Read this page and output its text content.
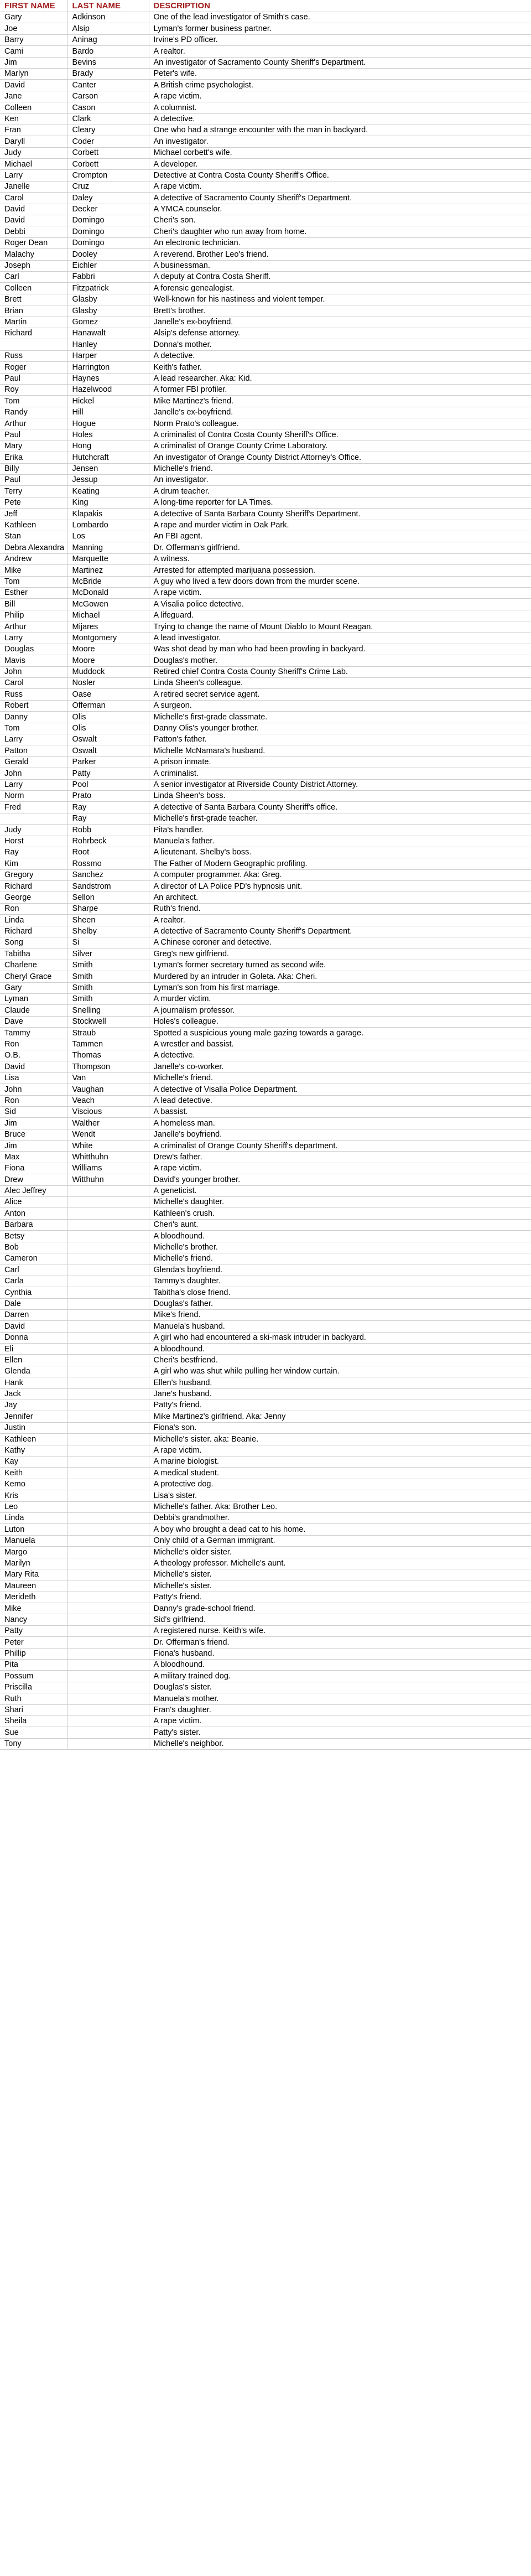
FIRST NAME	LAST NAME	DESCRIPTION
Gary	Adkinson	One of the lead investigator of Smith's case.
Joe	Alsip	Lyman's former business partner.
Barry	Aninag	Irvine's PD officer.
Cami	Bardo	A realtor.
Jim	Bevins	An investigator of Sacramento County Sheriff's Department.
Marlyn	Brady	Peter's wife.
David	Canter	A British crime psychologist.
Jane	Carson	A rape victim.
Colleen	Cason	A columnist.
Ken	Clark	A detective.
Fran	Cleary	One who had a strange encounter with the man in backyard.
Daryll	Coder	An investigator.
Judy	Corbett	Michael corbett's wife.
Michael	Corbett	A developer.
Larry	Crompton	Detective at Contra Costa County Sheriff's Office.
Janelle	Cruz	A rape victim.
Carol	Daley	A detective of Sacramento County Sheriff's Department.
David	Decker	A YMCA counselor.
David	Domingo	Cheri's son.
Debbi	Domingo	Cheri's daughter who run away from home.
Roger Dean	Domingo	An electronic technician.
Malachy	Dooley	A reverend. Brother Leo's friend.
Joseph	Eichler	A businessman.
Carl	Fabbri	A deputy at Contra Costa Sheriff.
Colleen	Fitzpatrick	A forensic genealogist.
Brett	Glasby	Well-known for his nastiness and violent temper.
Brian	Glasby	Brett's brother.
Martin	Gomez	Janelle's ex-boyfriend.
Richard	Hanawalt	Alsip's defense attorney.
	Hanley	Donna's mother.
Russ	Harper	A detective.
Roger	Harrington	Keith's father.
Paul	Haynes	A lead researcher. Aka: Kid.
Roy	Hazelwood	A former FBI profiler.
Tom	Hickel	Mike Martinez's friend.
Randy	Hill	Janelle's ex-boyfriend.
Arthur	Hogue	Norm Prato's colleague.
Paul	Holes	A criminalist of Contra Costa County Sheriff's Office.
Mary	Hong	A criminalist of Orange County Crime Laboratory.
Erika	Hutchcraft	An investigator of Orange County District Attorney's Office.
Billy	Jensen	Michelle's friend.
Paul	Jessup	An investigator.
Terry	Keating	A drum teacher.
Pete	King	A long-time reporter for LA Times.
Jeff	Klapakis	A detective of Santa Barbara County Sheriff's Department.
Kathleen	Lombardo	A rape and murder victim in Oak Park.
Stan	Los	An FBI agent.
Debra Alexandra	Manning	Dr. Offerman's girlfriend.
Andrew	Marquette	A witness.
Mike	Martinez	Arrested for attempted marijuana possession.
Tom	McBride	A guy who lived a few doors down from the murder scene.
Esther	McDonald	A rape victim.
Bill	McGowen	A Visalia police detective.
Philip	Michael	A lifeguard.
Arthur	Mijares	Trying to change the name of Mount Diablo to Mount Reagan.
Larry	Montgomery	A lead investigator.
Douglas	Moore	Was shot dead by man who had been prowling in backyard.
Mavis	Moore	Douglas's mother.
John	Muddock	Retired chief Contra Costa County Sheriff's Crime Lab.
Carol	Nosler	Linda Sheen's colleague.
Russ	Oase	A retired secret service agent.
Robert	Offerman	A surgeon.
Danny	Olis	Michelle's first-grade classmate.
Tom	Olis	Danny Olis's younger brother.
Larry	Oswalt	Patton's father.
Patton	Oswalt	Michelle McNamara's husband.
Gerald	Parker	A prison inmate.
John	Patty	A criminalist.
Larry	Pool	A senior investigator at Riverside County District Attorney.
Norm	Prato	Linda Sheen's boss.
Fred	Ray	A detective of Santa Barbara County Sheriff's office.
	Ray	Michelle's first-grade teacher.
Judy	Robb	Pita's handler.
Horst	Rohrbeck	Manuela's father.
Ray	Root	A lieutenant. Shelby's boss.
Kim	Rossmo	The Father of Modern Geographic profiling.
Gregory	Sanchez	A computer programmer. Aka: Greg.
Richard	Sandstrom	A director of LA Police PD's hypnosis unit.
George	Sellon	An architect.
Ron	Sharpe	Ruth's friend.
Linda	Sheen	A realtor.
Richard	Shelby	A detective of Sacramento County Sheriff's Department.
Song	Si	A Chinese coroner and detective.
Tabitha	Silver	Greg's new girlfriend.
Charlene	Smith	Lyman's former secretary turned as second wife.
Cheryl Grace	Smith	Murdered by an intruder in Goleta. Aka: Cheri.
Gary	Smith	Lyman's son from his first marriage.
Lyman	Smith	A murder victim.
Claude	Snelling	A journalism professor.
Dave	Stockwell	Holes's colleague.
Tammy	Straub	Spotted a suspicious young male gazing towards a garage.
Ron	Tammen	A wrestler and bassist.
O.B.	Thomas	A detective.
David	Thompson	Janelle's co-worker.
Lisa	Van	Michelle's friend.
John	Vaughan	A detective of Visalla Police Department.
Ron	Veach	A lead detective.
Sid	Viscious	A bassist.
Jim	Walther	A homeless man.
Bruce	Wendt	Janelle's boyfriend.
Jim	White	A criminalist of Orange County Sheriff's department.
Max	Whitthuhn	Drew's father.
Fiona	Williams	A rape victim.
Drew	Witthuhn	David's younger brother.
Alec Jeffrey		A geneticist.
Alice		Michelle's daughter.
Anton		Kathleen's crush.
Barbara		Cheri's aunt.
Betsy		A bloodhound.
Bob		Michelle's brother.
Cameron		Michelle's friend.
Carl		Glenda's boyfriend.
Carla		Tammy's daughter.
Cynthia		Tabitha's close friend.
Dale		Douglas's father.
Darren		Mike's friend.
David		Manuela's husband.
Donna		A girl who had encountered a ski-mask intruder in backyard.
Eli		A bloodhound.
Ellen		Cheri's bestfriend.
Glenda		A girl who was shut while pulling her window curtain.
Hank		Ellen's husband.
Jack		Jane's husband.
Jay		Patty's friend.
Jennifer		Mike Martinez's girlfriend. Aka: Jenny
Justin		Fiona's son.
Kathleen		Michelle's sister. aka: Beanie.
Kathy		A rape victim.
Kay		A marine biologist.
Keith		A medical student.
Kemo		A protective dog.
Kris		Lisa's sister.
Leo		Michelle's father. Aka: Brother Leo.
Linda		Debbi's grandmother.
Luton		A boy who brought a dead cat to his home.
Manuela		Only child of a German immigrant.
Margo		Michelle's older sister.
Marilyn		A theology professor. Michelle's aunt.
Mary Rita		Michelle's sister.
Maureen		Michelle's sister.
Merideth		Patty's friend.
Mike		Danny's grade-school friend.
Nancy		Sid's girlfriend.
Patty		A registered nurse. Keith's wife.
Peter		Dr. Offerman's friend.
Phillip		Fiona's husband.
Pita		A bloodhound.
Possum		A military trained dog.
Priscilla		Douglas's sister.
Ruth		Manuela's mother.
Shari		Fran's daughter.
Sheila		A rape victim.
Sue		Patty's sister.
Tony		Michelle's neighbor.
